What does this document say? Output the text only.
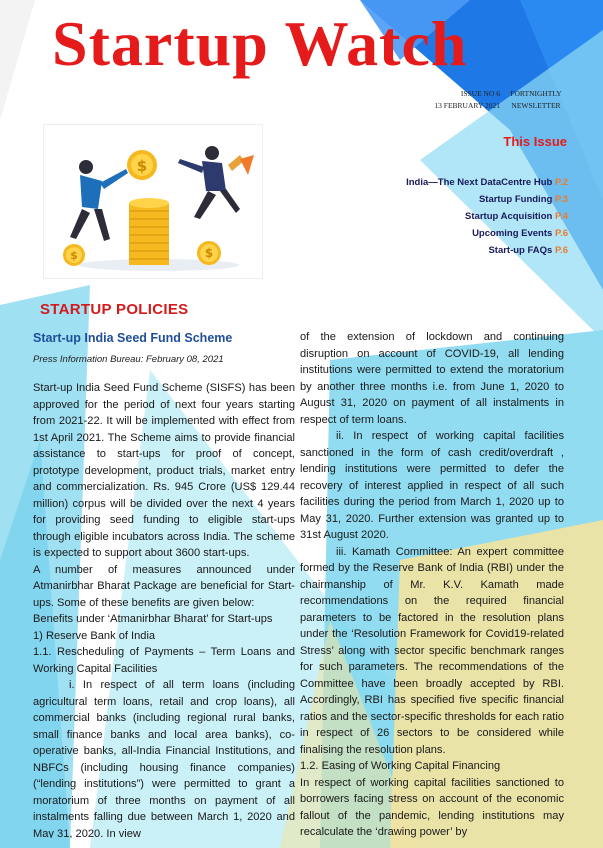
Startup Watch
ISSUE NO 6
13 FEBRUARY 2021
FORTNIGHTLY
NEWSLETTER
$
$	$
This Issue
India—The Next DataCentre Hub P.2
Startup Funding P.3
Startup Acquisition P.4
Upcoming Events P.6
Start-up FAQs P.6
STARTUP POLICIES
Start-up India Seed Fund Scheme

Press Information Bureau: February 08, 2021

Start-up India Seed Fund Scheme (SISFS) has been approved for the period of next four years starting from 2021-22. It will be implemented with effect from 1st April 2021. The Scheme aims to provide financial assistance to start-ups for proof of concept, prototype development, product trials, market entry and commercialization. Rs. 945 Crore (US$ 129.44 million) corpus will be divided over the next 4 years for providing seed funding to eligible start-ups through eligible incubators across India. The scheme is expected to support about 3600 start-ups.

A number of measures announced under Atmanirbhar Bharat Package are beneficial for Start-ups. Some of these benefits are given below:

Benefits under ‘Atmanirbhar Bharat’ for Start-ups

1) Reserve Bank of India

1.1. Rescheduling of Payments – Term Loans and Working Capital Facilities

i. In respect of all term loans (including agricultural term loans, retail and crop loans), all commercial banks (including regional rural banks, small finance banks and local area banks), co-operative banks, all-India Financial Institutions, and NBFCs (including housing finance companies) (“lending institutions”) were permitted to grant a moratorium of three months on payment of all instalments falling due between March 1, 2020 and May 31, 2020. In view

of the extension of lockdown and continuing disruption on account of COVID-19, all lending institutions were permitted to extend the moratorium by another three months i.e. from June 1, 2020 to August 31, 2020 on payment of all instalments in respect of term loans.

ii. In respect of working capital facilities sanctioned in the form of cash credit/overdraft , lending institutions were permitted to defer the recovery of interest applied in respect of all such facilities during the period from March 1, 2020 up to May 31, 2020. Further extension was granted up to 31st August 2020.

iii. Kamath Committee: An expert committee formed by the Reserve Bank of India (RBI) under the chairmanship of Mr. K.V. Kamath made recommendations on the required financial parameters to be factored in the resolution plans under the ‘Resolution Framework for Covid19-related Stress’ along with sector specific benchmark ranges for such parameters. The recommendations of the Committee have been broadly accepted by RBI. Accordingly, RBI has specified five specific financial ratios and the sector-specific thresholds for each ratio in respect of 26 sectors to be considered while finalising the resolution plans.

1.2. Easing of Working Capital Financing

In respect of working capital facilities sanctioned to borrowers facing stress on account of the economic fallout of the pandemic, lending institutions may recalculate the ‘drawing power’ by
